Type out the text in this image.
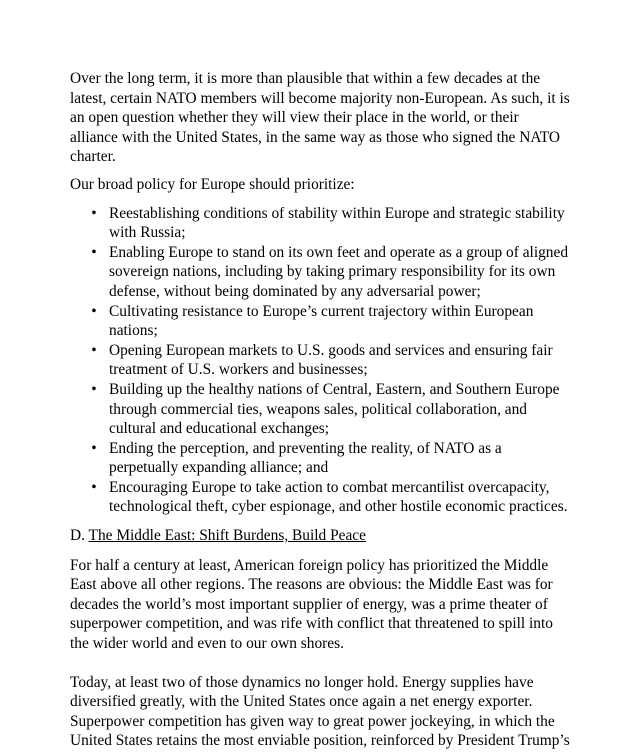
Over the long term, it is more than plausible that within a few decades at the latest, certain NATO members will become majority non-European. As such, it is an open question whether they will view their place in the world, or their alliance with the United States, in the same way as those who signed the NATO charter.

Our broad policy for Europe should prioritize:

• Reestablishing conditions of stability within Europe and strategic stability with Russia;
• Enabling Europe to stand on its own feet and operate as a group of aligned sovereign nations, including by taking primary responsibility for its own defense, without being dominated by any adversarial power;
• Cultivating resistance to Europe’s current trajectory within European nations;
• Opening European markets to U.S. goods and services and ensuring fair treatment of U.S. workers and businesses;
• Building up the healthy nations of Central, Eastern, and Southern Europe through commercial ties, weapons sales, political collaboration, and cultural and educational exchanges;
• Ending the perception, and preventing the reality, of NATO as a perpetually expanding alliance; and
• Encouraging Europe to take action to combat mercantilist overcapacity, technological theft, cyber espionage, and other hostile economic practices.

D. The Middle East: Shift Burdens, Build Peace

For half a century at least, American foreign policy has prioritized the Middle East above all other regions. The reasons are obvious: the Middle East was for decades the world’s most important supplier of energy, was a prime theater of superpower competition, and was rife with conflict that threatened to spill into the wider world and even to our own shores.

Today, at least two of those dynamics no longer hold. Energy supplies have diversified greatly, with the United States once again a net energy exporter. Superpower competition has given way to great power jockeying, in which the United States retains the most enviable position, reinforced by President Trump’s
